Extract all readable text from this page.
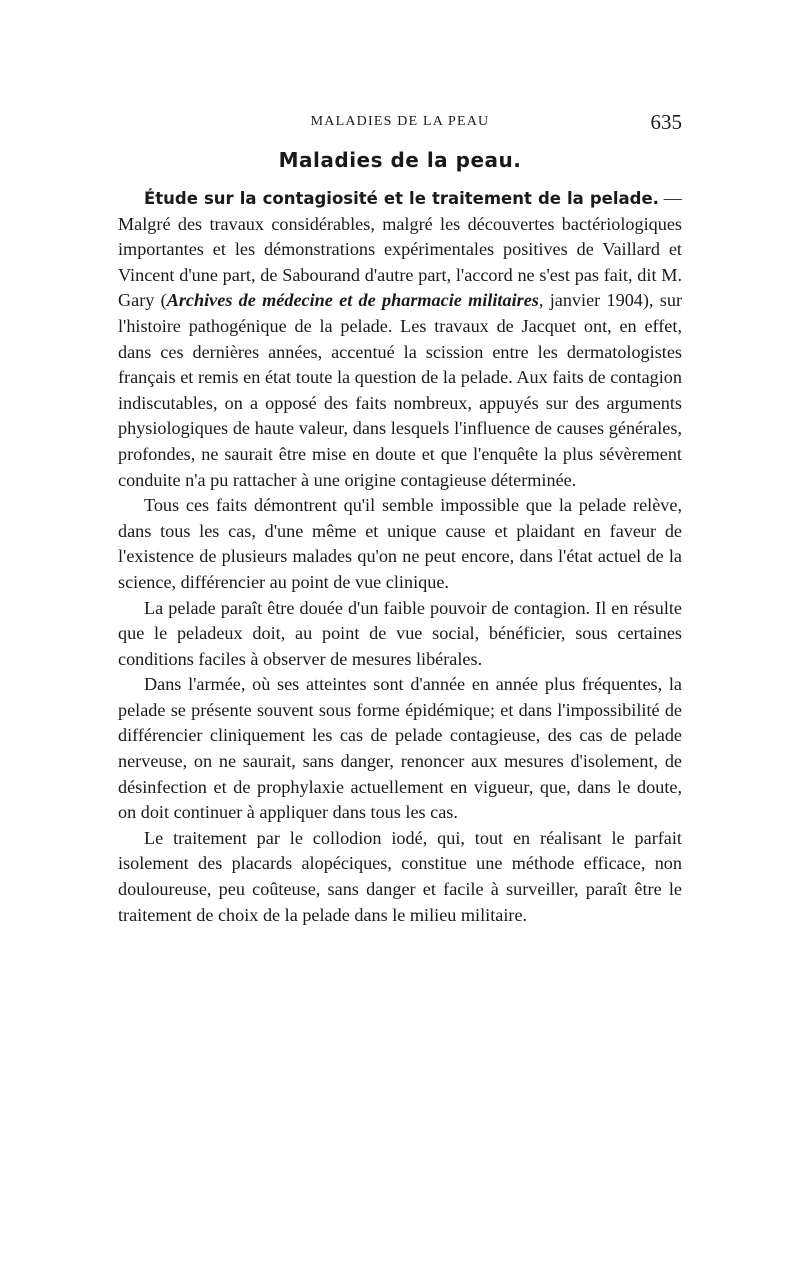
MALADIES DE LA PEAU	635
Maladies de la peau.

Étude sur la contagiosité et le traitement de la pelade. — Malgré des travaux considérables, malgré les découvertes bactériologiques importantes et les démonstrations expérimentales positives de Vaillard et Vincent d'une part, de Sabourand d'autre part, l'accord ne s'est pas fait, dit M. Gary (Archives de médecine et de pharmacie militaires, janvier 1904), sur l'histoire pathogénique de la pelade. Les travaux de Jacquet ont, en effet, dans ces dernières années, accentué la scission entre les dermatologistes français et remis en état toute la question de la pelade. Aux faits de contagion indiscutables, on a opposé des faits nombreux, appuyés sur des arguments physiologiques de haute valeur, dans lesquels l'influence de causes générales, profondes, ne saurait être mise en doute et que l'enquête la plus sévèrement conduite n'a pu rattacher à une origine contagieuse déterminée.

Tous ces faits démontrent qu'il semble impossible que la pelade relève, dans tous les cas, d'une même et unique cause et plaidant en faveur de l'existence de plusieurs malades qu'on ne peut encore, dans l'état actuel de la science, différencier au point de vue clinique.

La pelade paraît être douée d'un faible pouvoir de contagion. Il en résulte que le peladeux doit, au point de vue social, bénéficier, sous certaines conditions faciles à observer de mesures libérales.

Dans l'armée, où ses atteintes sont d'année en année plus fréquentes, la pelade se présente souvent sous forme épidémique; et dans l'impossibilité de différencier cliniquement les cas de pelade contagieuse, des cas de pelade nerveuse, on ne saurait, sans danger, renoncer aux mesures d'isolement, de désinfection et de prophylaxie actuellement en vigueur, que, dans le doute, on doit continuer à appliquer dans tous les cas.

Le traitement par le collodion iodé, qui, tout en réalisant le parfait isolement des placards alopéciques, constitue une méthode efficace, non douloureuse, peu coûteuse, sans danger et facile à surveiller, paraît être le traitement de choix de la pelade dans le milieu militaire.
